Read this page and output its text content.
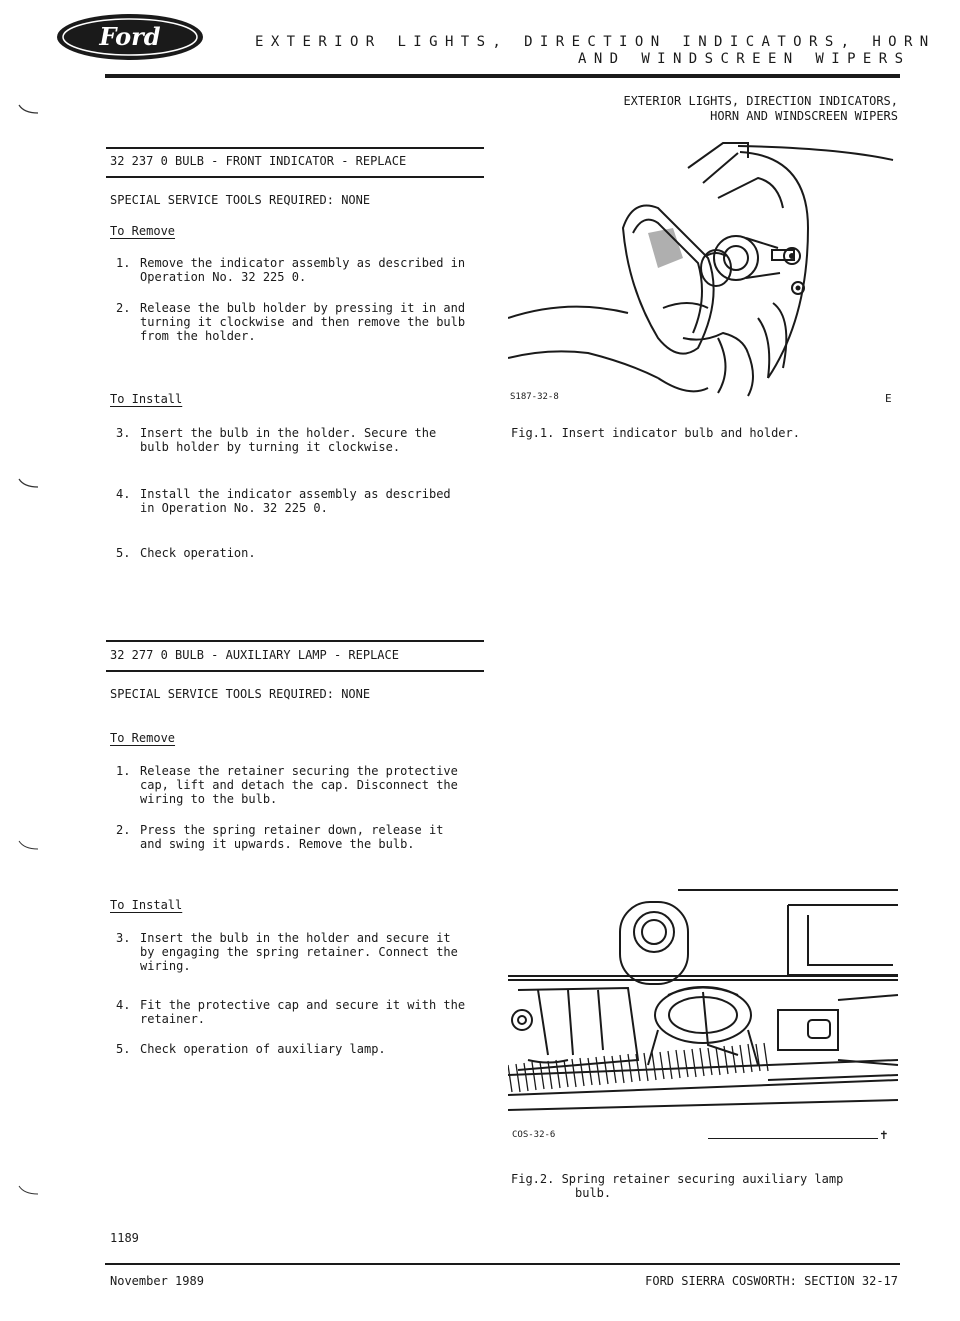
Ford	EXTERIOR LIGHTS, DIRECTION INDICATORS, HORN
AND WINDSCREEN WIPERS
EXTERIOR LIGHTS, DIRECTION INDICATORS,
HORN AND WINDSCREEN WIPERS
32 237 0 BULB - FRONT INDICATOR - REPLACE
SPECIAL SERVICE TOOLS REQUIRED: NONE
To Remove
1. Remove the indicator assembly as described in
Operation No. 32 225 0.
2. Release the bulb holder by pressing it in and
turning it clockwise and then remove the bulb
from the holder.
To Install
3. Insert the bulb in the holder. Secure the
bulb holder by turning it clockwise.
4. Install the indicator assembly as described
in Operation No. 32 225 0.
5. Check operation.
32 277 0 BULB - AUXILIARY LAMP - REPLACE
SPECIAL SERVICE TOOLS REQUIRED: NONE
To Remove
1. Release the retainer securing the protective
cap, lift and detach the cap. Disconnect the
wiring to the bulb.
2. Press the spring retainer down, release it
and swing it upwards. Remove the bulb.
To Install
3. Insert the bulb in the holder and secure it
by engaging the spring retainer. Connect the
wiring.
4. Fit the protective cap and secure it with the
retainer.
5. Check operation of auxiliary lamp.
S187-32-8	E
Fig.1. Insert indicator bulb and holder.
COS-32-6	✝
Fig.2. Spring retainer securing auxiliary lamp
bulb.
1189
November 1989	FORD SIERRA COSWORTH: SECTION 32-17
